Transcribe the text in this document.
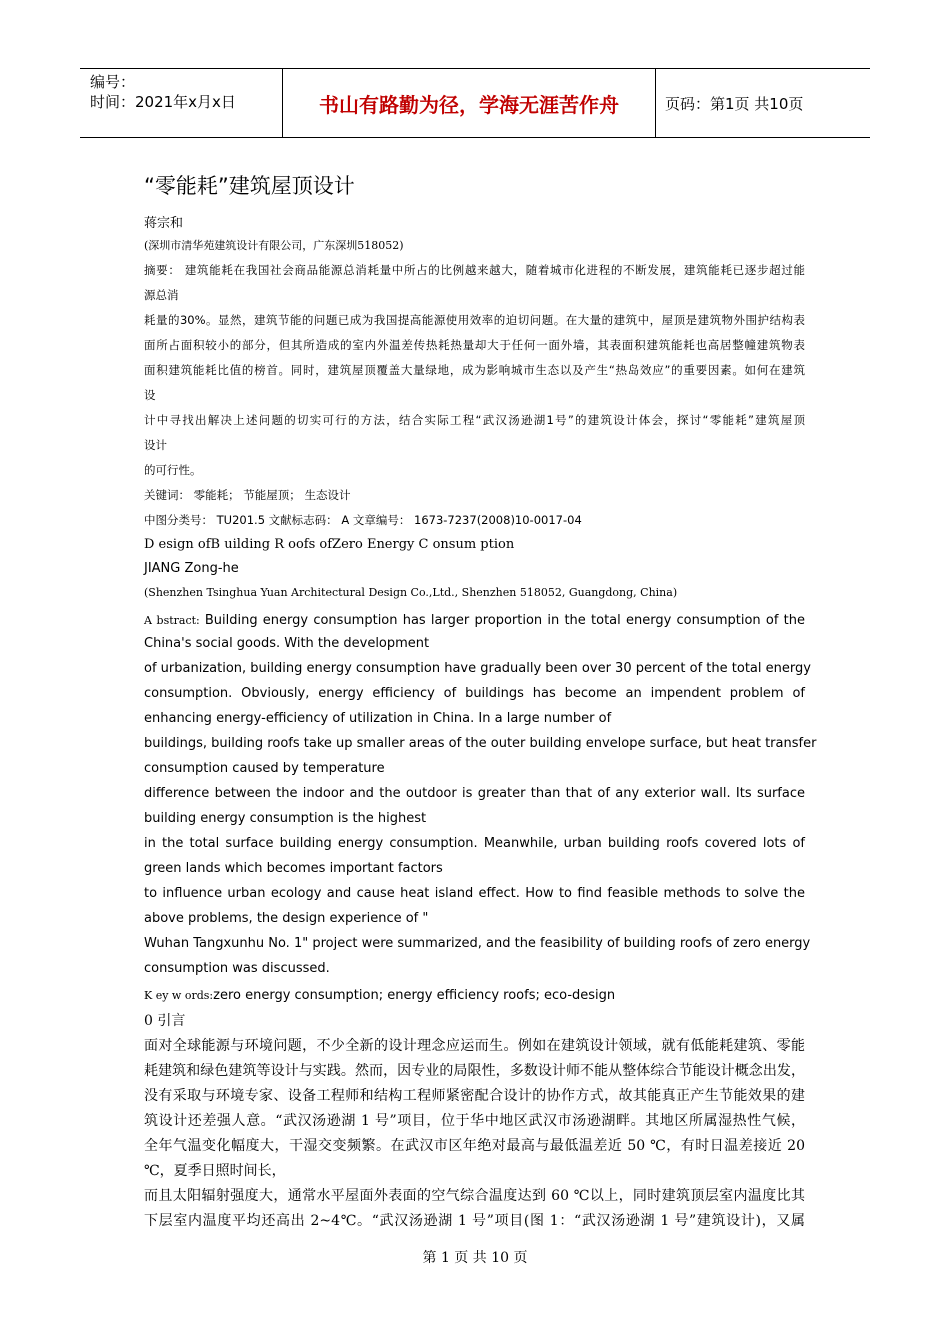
编号：
时间：2021年x月x日	书山有路勤为径，学海无涯苦作舟	页码：第1页 共10页
“零能耗”建筑屋顶设计
蒋宗和
(深圳市清华苑建筑设计有限公司，广东深圳518052)
摘要： 建筑能耗在我国社会商品能源总消耗量中所占的比例越来越大，随着城市化进程的不断发展，建筑能耗已逐步超过能
源总消
耗量的30%。显然，建筑节能的问题已成为我国提高能源使用效率的迫切问题。在大量的建筑中，屋顶是建筑物外围护结构表
面所占面积较小的部分，但其所造成的室内外温差传热耗热量却大于任何一面外墙，其表面积建筑能耗也高居整幢建筑物表
面积建筑能耗比值的榜首。同时，建筑屋顶覆盖大量绿地，成为影响城市生态以及产生“热岛效应”的重要因素。如何在建筑
设
计中寻找出解决上述问题的切实可行的方法，结合实际工程“武汉汤逊湖1号”的建筑设计体会，探讨“零能耗”建筑屋顶
设计
的可行性。
关键词： 零能耗； 节能屋顶； 生态设计
中图分类号： TU201.5 文献标志码： A 文章编号： 1673-7237(2008)10-0017-04
D esign ofB uilding R oofs ofZero Energy C onsum ption
JIANG Zong-he
(Shenzhen Tsinghua Yuan Architectural Design Co.,Ltd., Shenzhen 518052, Guangdong, China)
A bstract: Building energy consumption has larger proportion in the total energy consumption of the
China's social goods. With the development
of urbanization, building energy consumption have gradually been over 30 percent of the total energy
consumption. Obviously, energy efficiency of buildings has become an impendent problem of
enhancing energy-efficiency of utilization in China. In a large number of
buildings, building roofs take up smaller areas of the outer building envelope surface, but heat transfer
consumption caused by temperature
difference between the indoor and the outdoor is greater than that of any exterior wall. Its surface
building energy consumption is the highest
in the total surface building energy consumption. Meanwhile, urban building roofs covered lots of
green lands which becomes important factors
to influence urban ecology and cause heat island effect. How to find feasible methods to solve the
above problems, the design experience of "
Wuhan Tangxunhu No. 1" project were summarized, and the feasibility of building roofs of zero energy
consumption was discussed.
K ey w ords:zero energy consumption; energy efficiency roofs; eco-design
0 引言
面对全球能源与环境问题，不少全新的设计理念应运而生。例如在建筑设计领域，就有低能耗建筑、零能
耗建筑和绿色建筑等设计与实践。然而，因专业的局限性，多数设计师不能从整体综合节能设计概念出发，
没有采取与环境专家、设备工程师和结构工程师紧密配合设计的协作方式，故其能真正产生节能效果的建
筑设计还差强人意。“武汉汤逊湖 1 号”项目，位于华中地区武汉市汤逊湖畔。其地区所属湿热性气候，
全年气温变化幅度大，干湿交变频繁。在武汉市区年绝对最高与最低温差近 50 ℃，有时日温差接近 20
℃，夏季日照时间长，
而且太阳辐射强度大，通常水平屋面外表面的空气综合温度达到 60 ℃以上，同时建筑顶层室内温度比其
下层室内温度平均还高出 2~4℃。“武汉汤逊湖 1 号”项目(图 1：“武汉汤逊湖 1 号”建筑设计)，又属
第 1 页 共 10 页
